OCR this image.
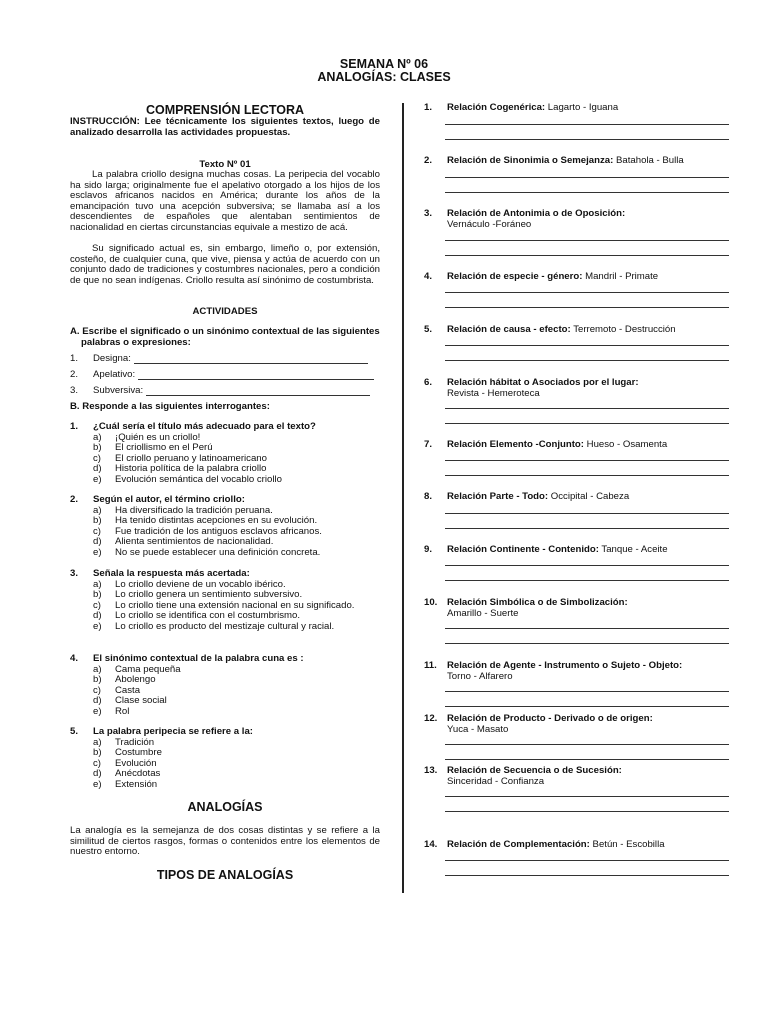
SEMANA Nº 06
ANALOGÍAS: CLASES
COMPRENSIÓN LECTORA
INSTRUCCIÓN: Lee técnicamente los siguientes textos, luego de analizado desarrolla las actividades propuestas.
Texto Nº 01
La palabra criollo designa muchas cosas. La peripecia del vocablo ha sido larga; originalmente fue el apelativo otorgado a los hijos de los esclavos africanos nacidos en América; durante los años de la emancipación tuvo una acepción subversiva; se llamaba así a los descendientes de españoles que alentaban sentimientos de nacionalidad en ciertas circunstancias equivale a mestizo de acá.
Su significado actual es, sin embargo, limeño o, por extensión, costeño, de cualquier cuna, que vive, piensa y actúa de acuerdo con un conjunto dado de tradiciones y costumbres nacionales, pero a condición de que no sean indígenas. Criollo resulta así sinónimo de costumbrista.
ACTIVIDADES
A. Escribe el significado o un sinónimo contextual de las siguientes palabras o expresiones:
1.	Designa:
2.	Apelativo:
3.	Subversiva:
B. Responde a las siguientes interrogantes:
1.	¿Cuál sería el título más adecuado para el texto?
a)	¡Quién es un criollo!
b)	El criollismo en el Perú
c)	El criollo peruano y latinoamericano
d)	Historia política de la palabra criollo
e)	Evolución semántica del vocablo criollo
2.	Según el autor, el término criollo:
a)	Ha diversificado la tradición peruana.
b)	Ha tenido distintas acepciones en su evolución.
c)	Fue tradición de los antiguos esclavos africanos.
d)	Alienta sentimientos de nacionalidad.
e)	No se puede establecer una definición concreta.
3.	Señala la respuesta más acertada:
a)	Lo criollo deviene de un vocablo ibérico.
b)	Lo criollo genera un sentimiento subversivo.
c)	Lo criollo tiene una extensión nacional en su significado.
d)	Lo criollo se identifica con el costumbrismo.
e)	Lo criollo es producto del mestizaje cultural y racial.
4.	El sinónimo contextual de la palabra cuna es :
a)	Cama pequeña
b)	Abolengo
c)	Casta
d)	Clase social
e)	Rol
5.	La palabra peripecia se refiere a la:
a)	Tradición
b)	Costumbre
c)	Evolución
d)	Anécdotas
e)	Extensión
ANALOGÍAS
La analogía es la semejanza de dos cosas distintas y se refiere a la similitud de ciertos rasgos, formas o contenidos entre los elementos de nuestro entorno.
TIPOS DE ANALOGÍAS
1. Relación Cogenérica: Lagarto - Iguana
2. Relación de Sinonimia o Semejanza: Batahola - Bulla
3. Relación de Antonimia o de Oposición:
Vernáculo -Foráneo
4. Relación de especie - género: Mandril - Primate
5. Relación de causa - efecto: Terremoto - Destrucción
6. Relación hábitat o Asociados por el lugar:
Revista - Hemeroteca
7. Relación Elemento -Conjunto: Hueso - Osamenta
8. Relación Parte - Todo: Occipital - Cabeza
9. Relación Continente - Contenido: Tanque - Aceite
10. Relación Simbólica o de Simbolización:
Amarillo - Suerte
11. Relación de Agente - Instrumento o Sujeto - Objeto:
Torno - Alfarero
12. Relación de Producto - Derivado o de origen:
Yuca - Masato
13. Relación de Secuencia o de Sucesión:
Sinceridad - Confianza
14. Relación de Complementación: Betún - Escobilla
